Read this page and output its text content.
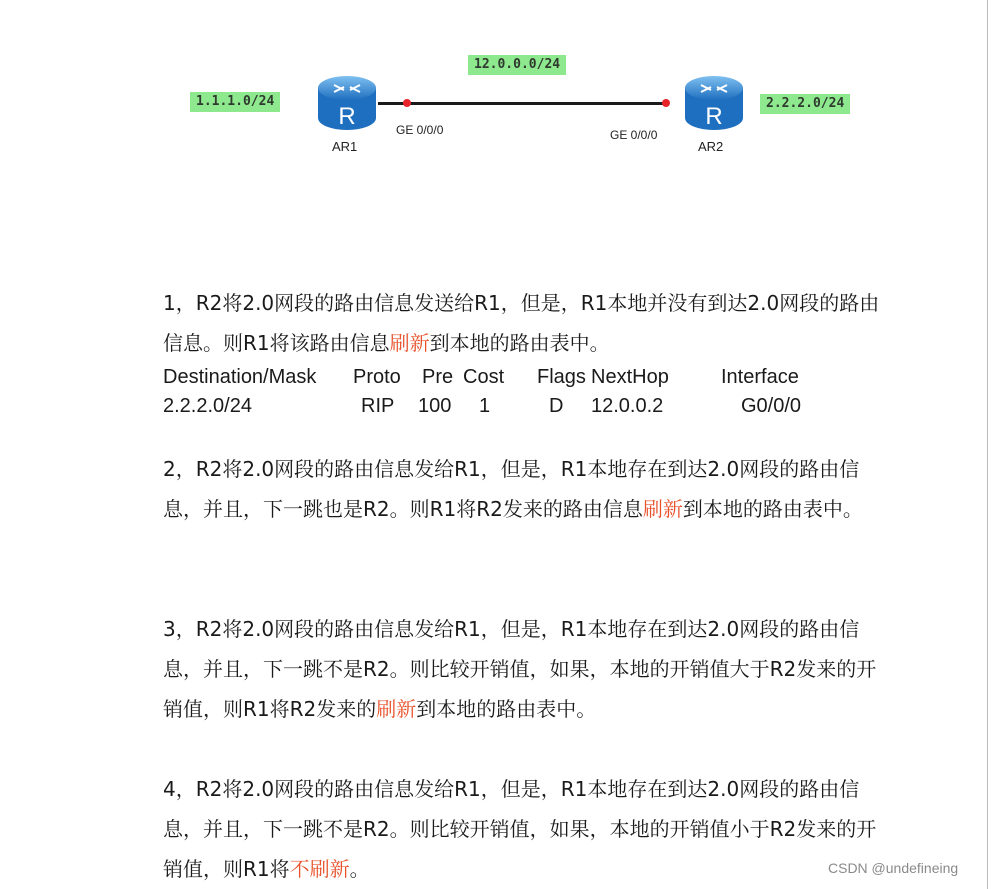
1.1.1.0/24
12.0.0.0/24
2.2.2.0/24
GE 0/0/0	GE 0/0/0
R
AR1
R
AR2

1，R2将2.0网段的路由信息发送给R1，但是，R1本地并没有到达2.0网段的路由信息。则R1将该路由信息刷新到本地的路由表中。

Destination/Mask Proto Pre Cost Flags NextHop	Interface
2.2.2.0/24	RIP 100 1	D 12.0.0.2	G0/0/0

2，R2将2.0网段的路由信息发给R1，但是，R1本地存在到达2.0网段的路由信息，并且，下一跳也是R2。则R1将R2发来的路由信息刷新到本地的路由表中。

3，R2将2.0网段的路由信息发给R1，但是，R1本地存在到达2.0网段的路由信息，并且，下一跳不是R2。则比较开销值，如果，本地的开销值大于R2发来的开销值，则R1将R2发来的刷新到本地的路由表中。

4，R2将2.0网段的路由信息发给R1，但是，R1本地存在到达2.0网段的路由信息，并且，下一跳不是R2。则比较开销值，如果，本地的开销值小于R2发来的开销值，则R1将不刷新。	CSDN @undefineing
